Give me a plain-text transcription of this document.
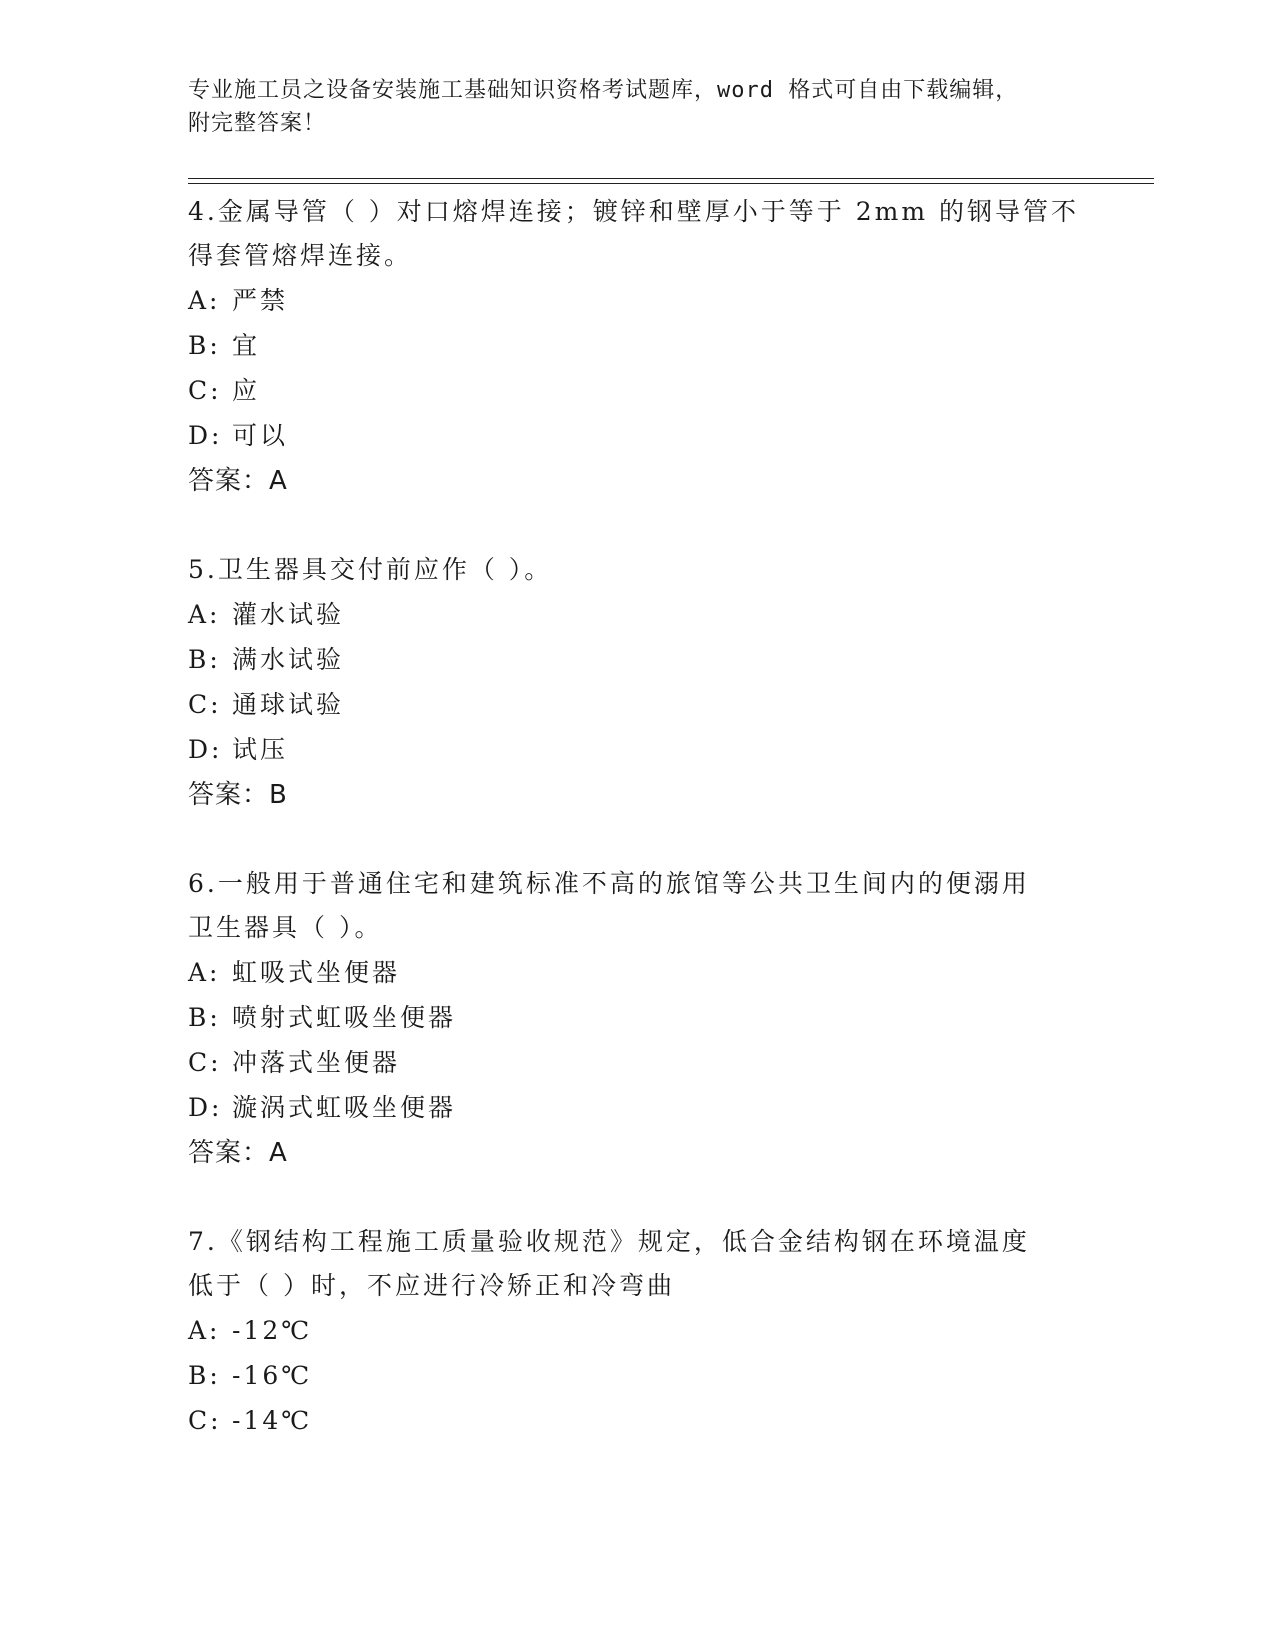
专业施工员之设备安装施工基础知识资格考试题库，word 格式可自由下载编辑，
附完整答案！
4.金属导管（ ）对口熔焊连接；镀锌和壁厚小于等于 2mm 的钢导管不
得套管熔焊连接。
A: 严禁
B: 宜
C: 应
D: 可以
答案：A
5.卫生器具交付前应作（ ）。
A: 灌水试验
B: 满水试验
C: 通球试验
D: 试压
答案：B
6.一般用于普通住宅和建筑标准不高的旅馆等公共卫生间内的便溺用
卫生器具（ ）。
A: 虹吸式坐便器
B: 喷射式虹吸坐便器
C: 冲落式坐便器
D: 漩涡式虹吸坐便器
答案：A
7.《钢结构工程施工质量验收规范》规定，低合金结构钢在环境温度
低于（ ）时，不应进行冷矫正和冷弯曲
A: -12℃
B: -16℃
C: -14℃
